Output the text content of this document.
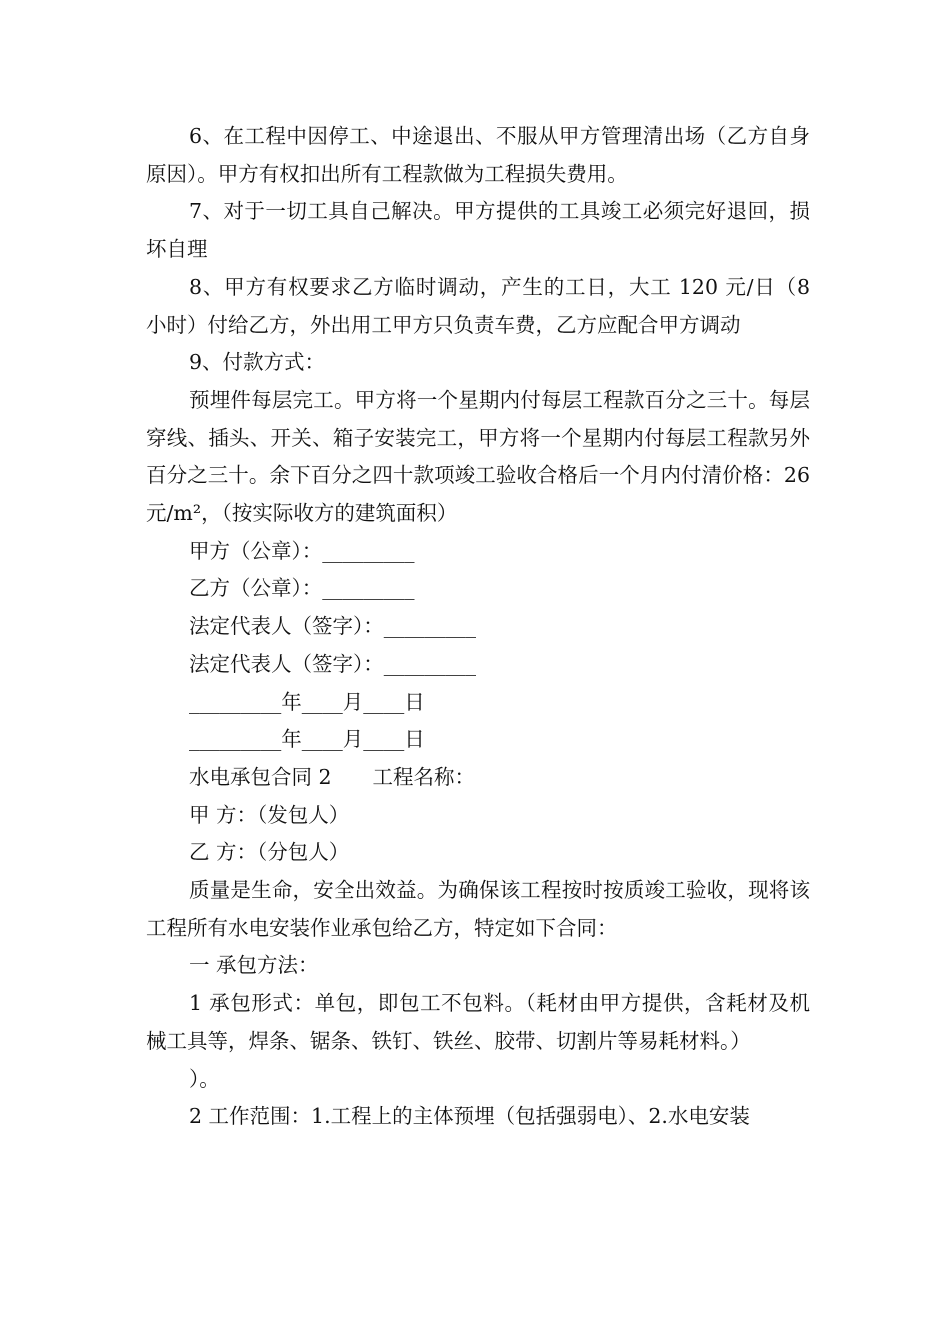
6、在工程中因停工、中途退出、不服从甲方管理清出场（乙方自身原因）。甲方有权扣出所有工程款做为工程损失费用。

7、对于一切工具自己解决。甲方提供的工具竣工必须完好退回，损坏自理

8、甲方有权要求乙方临时调动，产生的工日，大工 120 元/日（8 小时）付给乙方，外出用工甲方只负责车费，乙方应配合甲方调动

9、付款方式：

预埋件每层完工。甲方将一个星期内付每层工程款百分之三十。每层穿线、插头、开关、箱子安装完工，甲方将一个星期内付每层工程款另外百分之三十。余下百分之四十款项竣工验收合格后一个月内付清价格：26 元/m²，（按实际收方的建筑面积）

甲方（公章）：_________

乙方（公章）：_________

法定代表人（签字）：_________

法定代表人（签字）：_________

_________年____月____日

_________年____月____日

水电承包合同 2　　工程名称：

甲 方：（发包人）

乙 方：（分包人）

质量是生命，安全出效益。为确保该工程按时按质竣工验收，现将该工程所有水电安装作业承包给乙方，特定如下合同：

一 承包方法：

1 承包形式：单包，即包工不包料。（耗材由甲方提供，含耗材及机械工具等，焊条、锯条、铁钉、铁丝、胶带、切割片等易耗材料。）

）。

2 工作范围：1.工程上的主体预埋（包括强弱电）、2.水电安装
